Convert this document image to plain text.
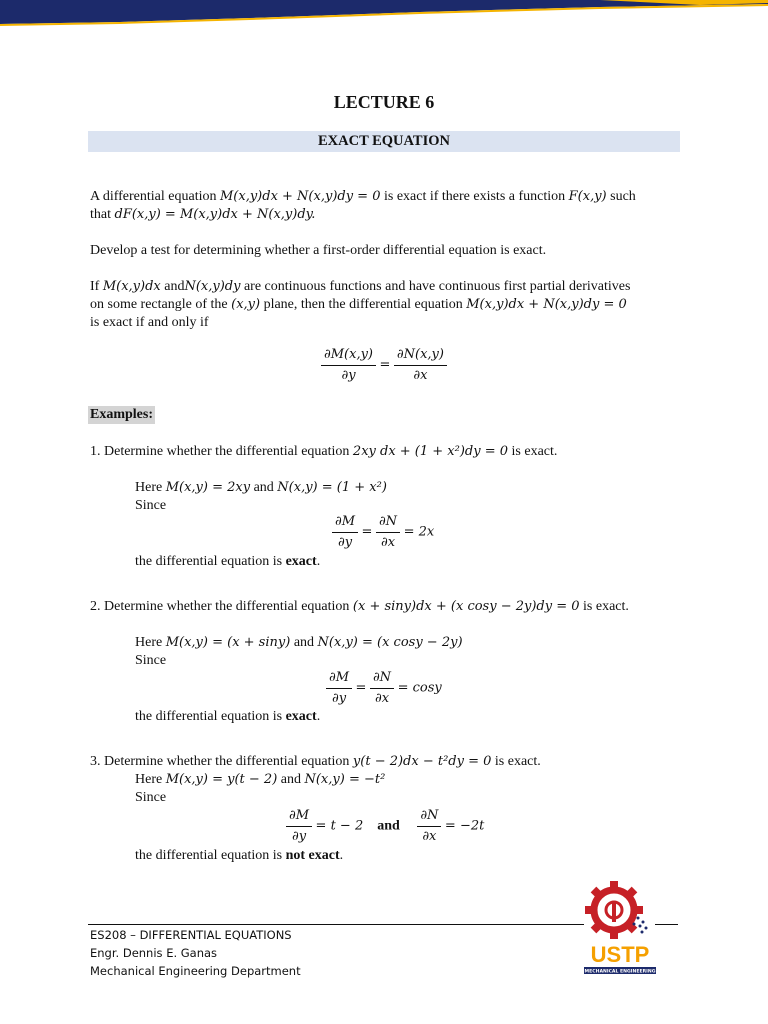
LECTURE 6
EXACT EQUATION
A differential equation M(x,y)dx + N(x,y)dy = 0 is exact if there exists a function F(x,y) such
that dF(x,y) = M(x,y)dx + N(x,y)dy.
Develop a test for determining whether a first-order differential equation is exact.
If M(x,y)dx andN(x,y)dy are continuous functions and have continuous first partial derivatives
on some rectangle of the (x,y) plane, then the differential equation M(x,y)dx + N(x,y)dy = 0
is exact if and only if
$\frac{\partial M(x,y)}{\partial y} = \frac{\partial N(x,y)}{\partial x}$
Examples:
1. Determine whether the differential equation 2xy dx + (1 + x²)dy = 0 is exact.
Here M(x,y) = 2xy and N(x,y) = (1 + x²)
Since
$\frac{\partial M}{\partial y} = \frac{\partial N}{\partial x} = 2x$
the differential equation is exact.
2. Determine whether the differential equation (x + siny)dx + (x cosy − 2y)dy = 0 is exact.
Here M(x,y) = (x + siny) and N(x,y) = (x cosy − 2y)
Since
$\frac{\partial M}{\partial y} = \frac{\partial N}{\partial x} = \cos y$
the differential equation is exact.
3. Determine whether the differential equation y(t − 2)dx − t²dy = 0 is exact.
Here M(x,y) = y(t − 2) and N(x,y) = −t²
Since
$\frac{\partial M}{\partial y} = t - 2$ and $\frac{\partial N}{\partial x} = -2t$
the differential equation is not exact.
ES208 – DIFFERENTIAL EQUATIONS
Engr. Dennis E. Ganas
Mechanical Engineering Department
USTP
MECHANICAL ENGINEERING
